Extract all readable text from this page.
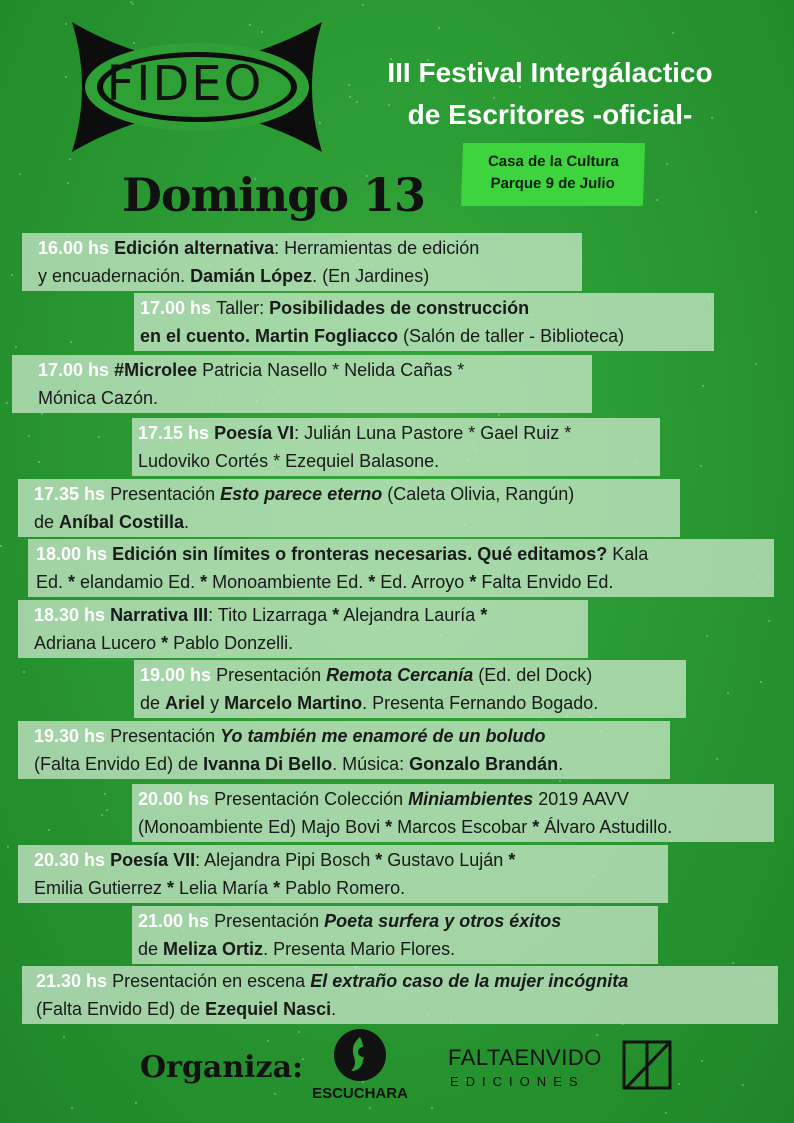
FIDEO	III Festival Intergálactico
de Escritores -oficial-
Casa de la Cultura
Parque 9 de Julio
Domingo 13
16.00 hs Edición alternativa: Herramientas de edición
y encuadernación. Damián López. (En Jardines)
17.00 hs Taller: Posibilidades de construcción
en el cuento. Martin Fogliacco (Salón de taller - Biblioteca)
17.00 hs #Microlee Patricia Nasello * Nelida Cañas *
Mónica Cazón.
17.15 hs Poesía VI: Julián Luna Pastore * Gael Ruiz *
Ludoviko Cortés * Ezequiel Balasone.
17.35 hs Presentación Esto parece eterno (Caleta Olivia, Rangún)
de Aníbal Costilla.
18.00 hs Edición sin límites o fronteras necesarias. Qué editamos? Kala
Ed. * elandamio Ed. * Monoambiente Ed. * Ed. Arroyo * Falta Envido Ed.
18.30 hs Narrativa III: Tito Lizarraga * Alejandra Lauría *
Adriana Lucero * Pablo Donzelli.
19.00 hs Presentación Remota Cercanía (Ed. del Dock)
de Ariel y Marcelo Martino. Presenta Fernando Bogado.
19.30 hs Presentación Yo también me enamoré de un boludo
(Falta Envido Ed) de Ivanna Di Bello. Música: Gonzalo Brandán.
20.00 hs Presentación Colección Miniambientes 2019 AAVV
(Monoambiente Ed) Majo Bovi * Marcos Escobar * Álvaro Astudillo.
20.30 hs Poesía VII: Alejandra Pipi Bosch * Gustavo Luján *
Emilia Gutierrez * Lelia María * Pablo Romero.
21.00 hs Presentación Poeta surfera y otros éxitos
de Meliza Ortiz. Presenta Mario Flores.
21.30 hs Presentación en escena El extraño caso de la mujer incógnita
(Falta Envido Ed) de Ezequiel Nasci.
Organiza:
ESCUCHARA
FALTAENVIDO
EDICIONES
